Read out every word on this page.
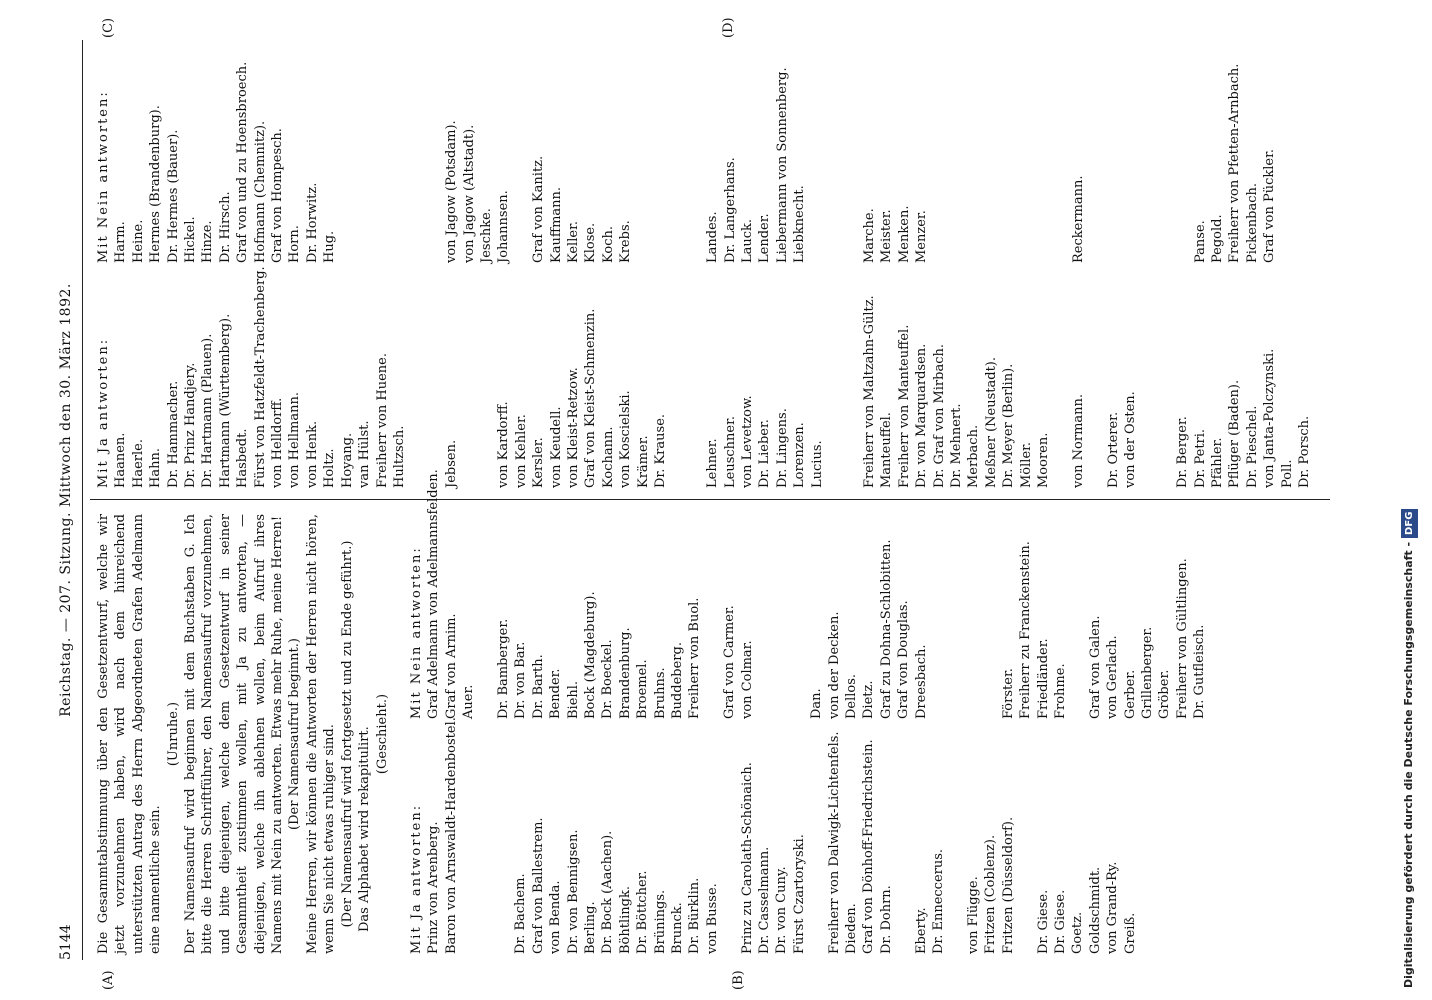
5144
Reichstag. — 207. Sitzung. Mittwoch den 30. März 1892.
(A)	(B)
(C)	(D)

Die Gesammtabstimmung über den Gesetzentwurf, welche wir jetzt vorzunehmen haben, wird nach dem hinreichend unterstützten Antrag des Herrn Abgeordneten Grafen Adelmann eine namentliche sein.

(Unruhe.) Der Namensaufruf wird beginnen mit dem Buchstaben G. Ich bitte die Herren Schriftführer, den Namensaufruf vorzunehmen, und bitte diejenigen, welche dem Gesetzentwurf in seiner Gesammtheit zustimmen wollen, mit Ja zu antworten, — diejenigen, welche ihn ablehnen wollen, beim Aufruf ihres Namens mit Nein zu antworten. Etwas mehr Ruhe, meine Herren! (Der Namensaufruf beginnt.) Meine Herren, wir können die Antworten der Herren nicht hören, wenn Sie nicht etwas ruhiger sind. (Der Namensaufruf wird fortgesetzt und zu Ende geführt.) Das Alphabet wird rekapitulirt. (Geschieht.)

Mit Ja antworten: Prinz von Arenberg. Baron von Arnswaldt-Hardenbostel.

	Dr. Bachem. Graf von Ballestrem. von Benda. Dr. von Bennigsen. Berling. Dr. Bock (Aachen). Böhtlingk. Dr. Böttcher. Brünings. Brunck. Dr. Bürklin. von Busse.

Prinz zu Carolath-Schönaich. Dr. Casselmann. Dr. von Cuny. Fürst Czartoryski.

Freiherr von Dalwigk-Lichtenfels. Dieden. Graf von Dönhoff-Friedrichstein. Dr. Dohrn.

Eberty. Dr. Enneccerus.

von Flügge. Fritzen (Coblenz). Fritzen (Düsseldorf).

Dr. Giese. Dr. Giese. Goetz. Goldschmidt. von Grand-Ry. Greiß.

Mit Nein antworten: Graf Adelmann von Adelmannsfelden. Graf von Arnim. Auer.

Dr. Bamberger. Dr. von Bar. Dr. Barth. Bender. Biehl. Bock (Magdeburg). Dr. Boeckel. Brandenburg. Broemel. Bruhns. Buddeberg. Freiherr von Buol.

Graf von Carmer. von Colmar.

	Dan. von der Decken. Dellos. Dietz. Graf zu Dohna-Schlobitten. Graf von Douglas. Dreesbach.

	Förster. Freiherr zu Franckenstein. Friedländer. Frohme.

Graf von Galen. von Gerlach. Gerber. Grillenberger. Gröber. Freiherr von Gültlingen. Dr. Gutfleisch.

Mit Ja antworten: Haanen. Haerle. Hahn. Dr. Hammacher. Dr. Prinz Handjery. Dr. Hartmann (Plauen). Hartmann (Württemberg). Hasbedt. Fürst von Hatzfeldt-Trachenberg. von Helldorff. von Hellmann. von Henk. Holtz. Hoyang. van Hülst. Freiherr von Huene. Hultzsch.

	Jebsen.

	von Kardorff. von Kehler. Kersler. von Keudell. von Kleist-Retzow. Graf von Kleist-Schmenzin. Kochann. von Koscielski. Krämer. Dr. Krause.

	Lehner. Leuschner. von Levetzow. Dr. Lieber. Dr. Lingens. Lorenzen. Lucius.

	Freiherr von Maltzahn-Gültz. Manteuffel. Freiherr von Manteuffel. Dr. von Marquardsen. Dr. Graf von Mirbach. Dr. Mehnert. Merbach. Meßner (Neustadt). Dr. Meyer (Berlin). Möller. Mooren.

von Normann.

Dr. Orterer. von der Osten.

	Dr. Berger. Dr. Petri. Pfähler. Pflüger (Baden). Dr. Pieschel. von Janta-Polczynski. Poll. Dr. Porsch.

Mit Nein antworten: Harm. Heine. Hermes (Brandenburg). Dr. Hermes (Bauer). Hickel. Hinze. Dr. Hirsch. Graf von und zu Hoensbroech. Hofmann (Chemnitz). Graf von Hompesch. Horn. Dr. Horwitz. Hug.

	von Jagow (Potsdam). von Jagow (Altstadt). Jeschke. Johannsen.

Graf von Kanitz. Kauffmann. Keller. Klose. Koch. Krebs.

	Landes. Dr. Langerhans. Lauck. Lender. Liebermann von Sonnenberg. Liebknecht.

	Marche. Meister. Menken. Menzer.

	Reckermann.

	Panse. Pegold. Freiherr von Pfetten-Arnbach. Pickenbach. Graf von Pückler.

Digitalisierung gefördert durch die Deutsche Forschungsgemeinschaft -DFG
